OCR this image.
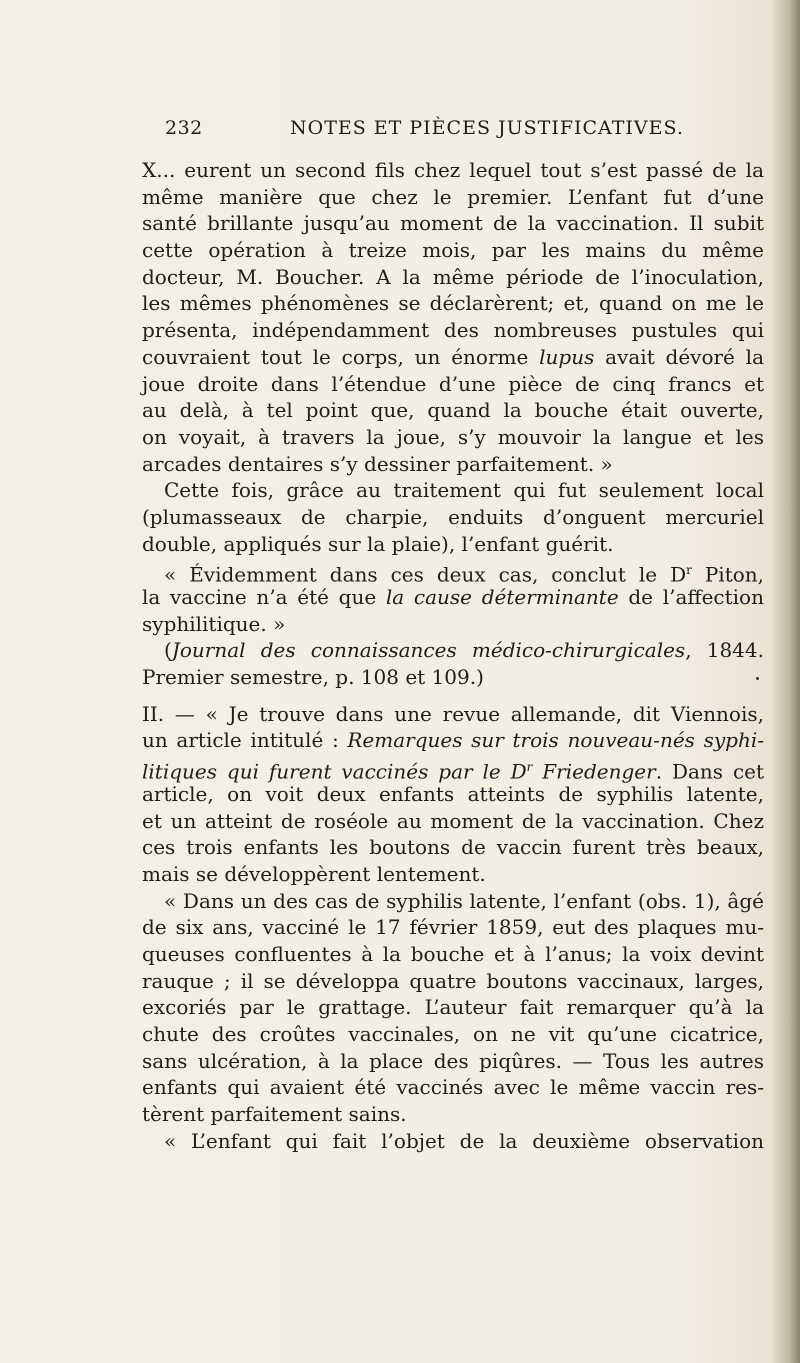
232	NOTES ET PIÈCES JUSTIFICATIVES.
X... eurent un second fils chez lequel tout s’est passé de la
même manière que chez le premier. L’enfant fut d’une
santé brillante jusqu’au moment de la vaccination. Il subit
cette opération à treize mois, par les mains du même
docteur, M. Boucher. A la même période de l’inoculation,
les mêmes phénomènes se déclarèrent; et, quand on me le
présenta, indépendamment des nombreuses pustules qui
couvraient tout le corps, un énorme lupus avait dévoré la
joue droite dans l’étendue d’une pièce de cinq francs et
au delà, à tel point que, quand la bouche était ouverte,
on voyait, à travers la joue, s’y mouvoir la langue et les
arcades dentaires s’y dessiner parfaitement. »
Cette fois, grâce au traitement qui fut seulement local
(plumasseaux de charpie, enduits d’onguent mercuriel
double, appliqués sur la plaie), l’enfant guérit.
« Évidemment dans ces deux cas, conclut le $D^r$ Piton,
la vaccine n’a été que la cause déterminante de l’affection
syphilitique. »
(Journal des connaissances médico-chirurgicales, 1844.
Premier semestre, p. 108 et 109.)
II. — « Je trouve dans une revue allemande, dit Viennois,
un article intitulé : Remarques sur trois nouveau-nés syphi-
litiques qui furent vaccinés par le $D^r$ Friedenger. Dans cet
article, on voit deux enfants atteints de syphilis latente,
et un atteint de roséole au moment de la vaccination. Chez
ces trois enfants les boutons de vaccin furent très beaux,
mais se développèrent lentement.
« Dans un des cas de syphilis latente, l’enfant (obs. 1), âgé
de six ans, vacciné le 17 février 1859, eut des plaques mu-
queuses confluentes à la bouche et à l’anus; la voix devint
rauque ; il se développa quatre boutons vaccinaux, larges,
excoriés par le grattage. L’auteur fait remarquer qu’à la
chute des croûtes vaccinales, on ne vit qu’une cicatrice,
sans ulcération, à la place des piqûres. — Tous les autres
enfants qui avaient été vaccinés avec le même vaccin res-
tèrent parfaitement sains.
« L’enfant qui fait l’objet de la deuxième observation
